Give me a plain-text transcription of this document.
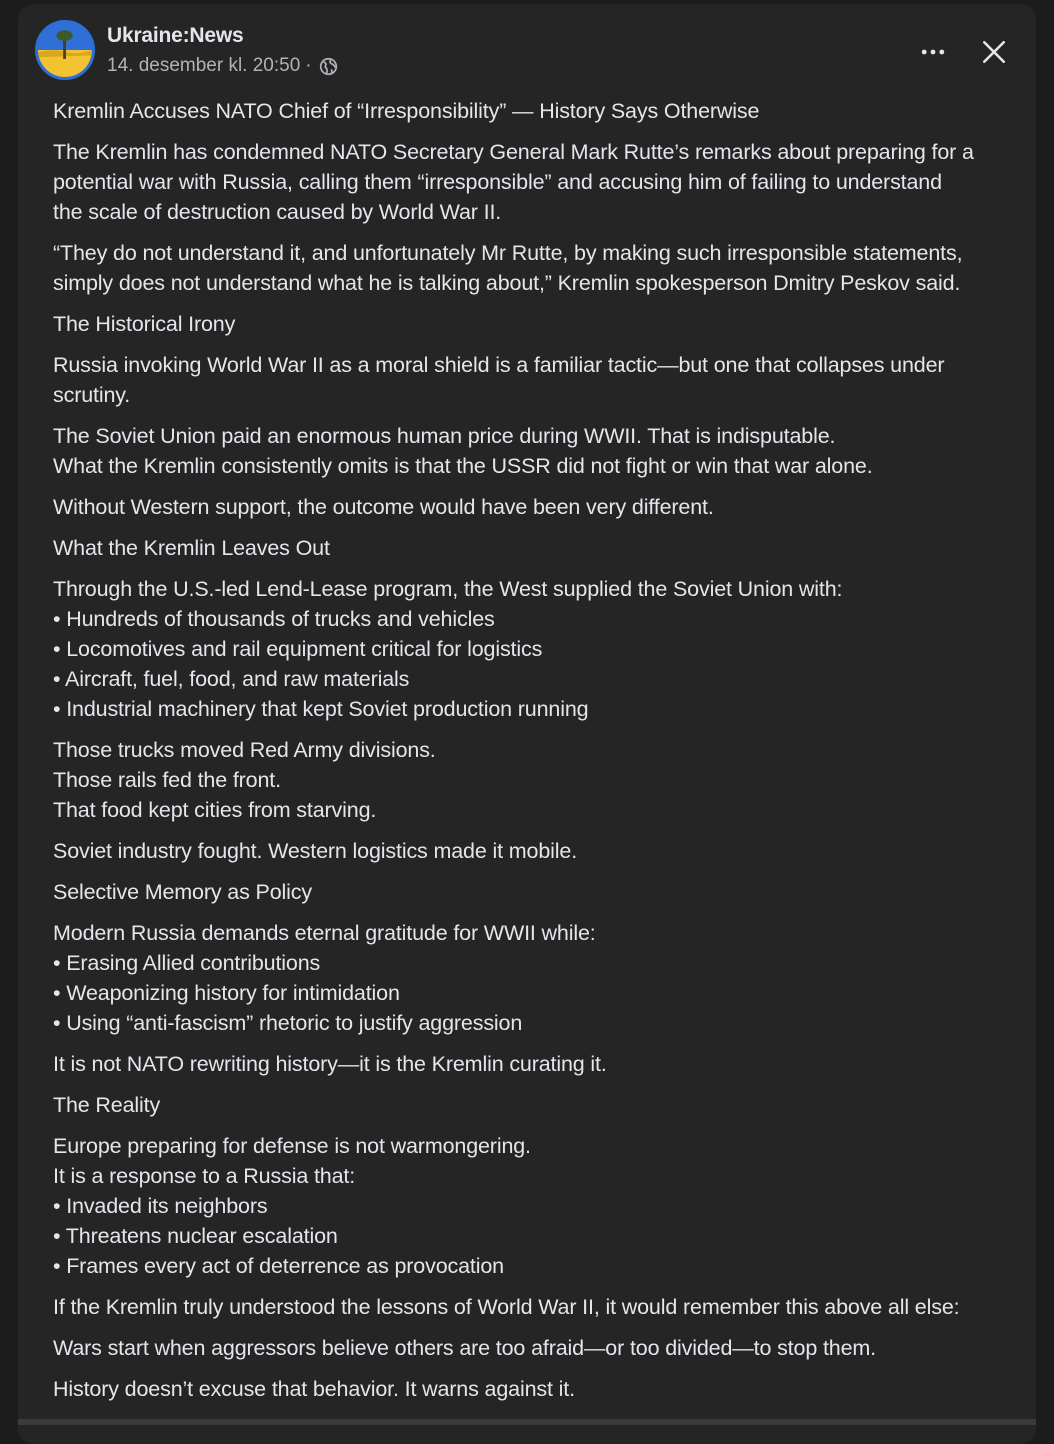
Ukraine:News
14. desember kl. 20:50 ·

Kremlin Accuses NATO Chief of “Irresponsibility” — History Says Otherwise

The Kremlin has condemned NATO Secretary General Mark Rutte’s remarks about preparing for a
potential war with Russia, calling them “irresponsible” and accusing him of failing to understand
the scale of destruction caused by World War II.

“They do not understand it, and unfortunately Mr Rutte, by making such irresponsible statements,
simply does not understand what he is talking about,” Kremlin spokesperson Dmitry Peskov said.

The Historical Irony

Russia invoking World War II as a moral shield is a familiar tactic—but one that collapses under
scrutiny.

The Soviet Union paid an enormous human price during WWII. That is indisputable.
What the Kremlin consistently omits is that the USSR did not fight or win that war alone.

Without Western support, the outcome would have been very different.

What the Kremlin Leaves Out

Through the U.S.-led Lend-Lease program, the West supplied the Soviet Union with:
• Hundreds of thousands of trucks and vehicles
• Locomotives and rail equipment critical for logistics
• Aircraft, fuel, food, and raw materials
• Industrial machinery that kept Soviet production running

Those trucks moved Red Army divisions.
Those rails fed the front.
That food kept cities from starving.

Soviet industry fought. Western logistics made it mobile.

Selective Memory as Policy

Modern Russia demands eternal gratitude for WWII while:
• Erasing Allied contributions
• Weaponizing history for intimidation
• Using “anti-fascism” rhetoric to justify aggression

It is not NATO rewriting history—it is the Kremlin curating it.

The Reality

Europe preparing for defense is not warmongering.
It is a response to a Russia that:
• Invaded its neighbors
• Threatens nuclear escalation
• Frames every act of deterrence as provocation

If the Kremlin truly understood the lessons of World War II, it would remember this above all else:

Wars start when aggressors believe others are too afraid—or too divided—to stop them.

History doesn’t excuse that behavior. It warns against it.
